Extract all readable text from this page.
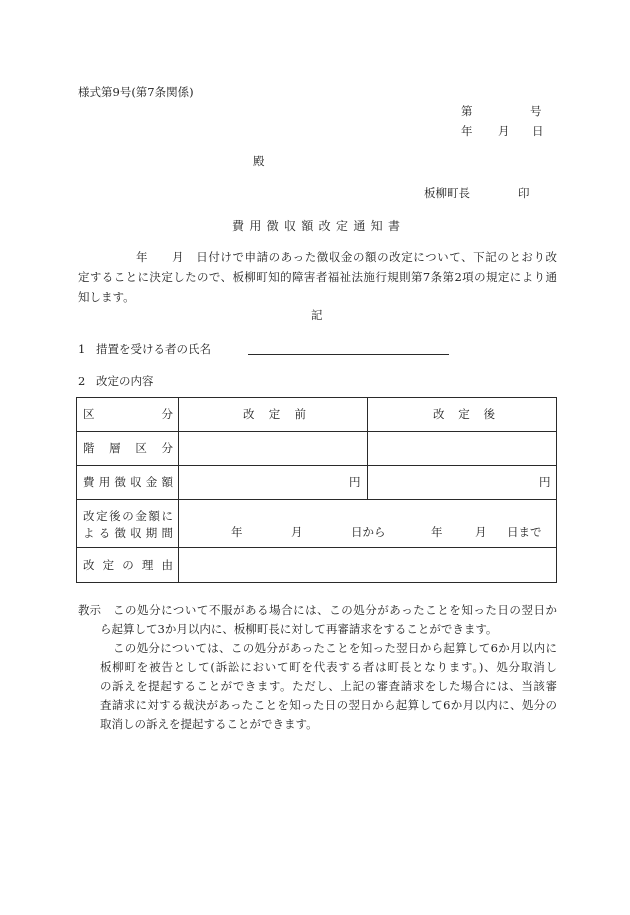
様式第9号(第7条関係)
第	号
年 月 日
殿
板柳町長	印
費用徴収額改定通知書
年　　月　日付けで申請のあった徴収金の額の改定について、下記のとおり改
定することに決定したので、板柳町知的障害者福祉法施行規則第7条第2項の規定により通
知します。
記
1 措置を受ける者の氏名
2 改定の内容
区分	改定前	改定後
階層区分
費用徴収金額	円	円
改定後の金額に
よる徴収期間	年	月	日から	年	月 日まで
改定の理由
教示 この処分について不服がある場合には、この処分があったことを知った日の翌日か
ら起算して3か月以内に、板柳町長に対して再審請求をすることができます。
この処分については、この処分があったことを知った翌日から起算して6か月以内に
板柳町を被告として(訴訟において町を代表する者は町長となります。)、処分取消し
の訴えを提起することができます。ただし、上記の審査請求をした場合には、当該審
査請求に対する裁決があったことを知った日の翌日から起算して6か月以内に、処分の
取消しの訴えを提起することができます。
